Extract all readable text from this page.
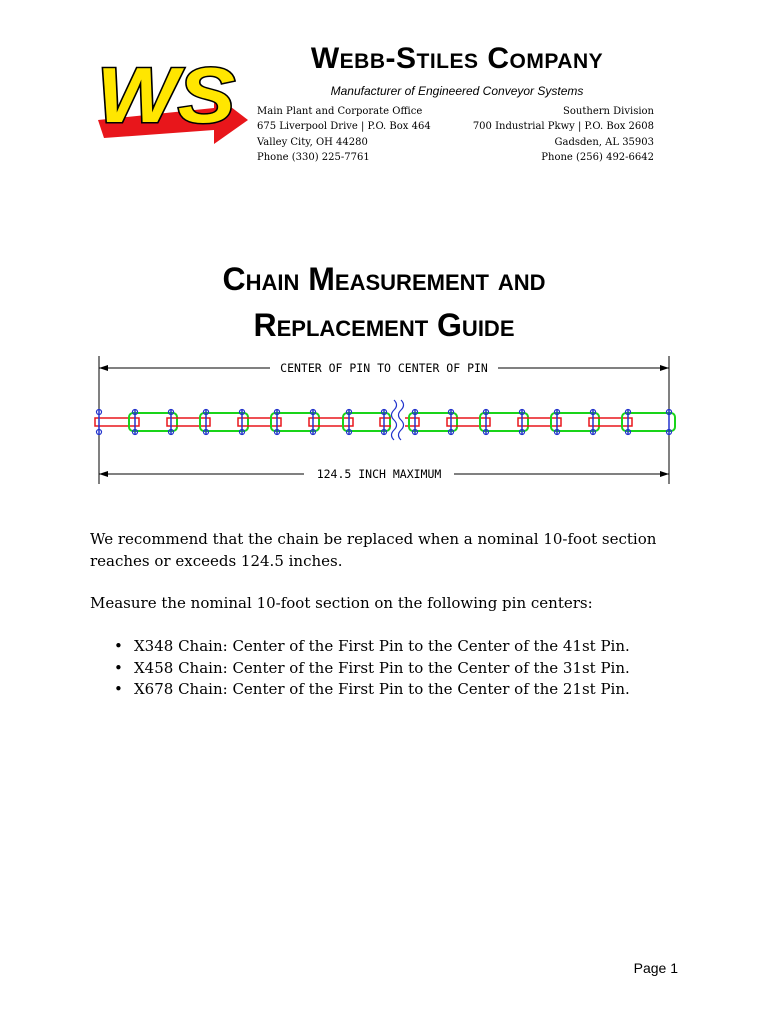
WS	Webb-Stiles Company
Manufacturer of Engineered Conveyor Systems
Main Plant and Corporate Office
675 Liverpool Drive | P.O. Box 464
Valley City, OH 44280
Phone (330) 225-7761
Southern Division
700 Industrial Pkwy | P.O. Box 2608
Gadsden, AL 35903
Phone (256) 492-6642
Chain Measurement and
Replacement Guide
CENTER OF PIN TO CENTER OF PIN
124.5 INCH MAXIMUM
We recommend that the chain be replaced when a nominal 10-foot section reaches or exceeds 124.5 inches.
Measure the nominal 10-foot section on the following pin centers:
• X348 Chain: Center of the First Pin to the Center of the 41st Pin.
• X458 Chain: Center of the First Pin to the Center of the 31st Pin.
• X678 Chain: Center of the First Pin to the Center of the 21st Pin.
Page 1
